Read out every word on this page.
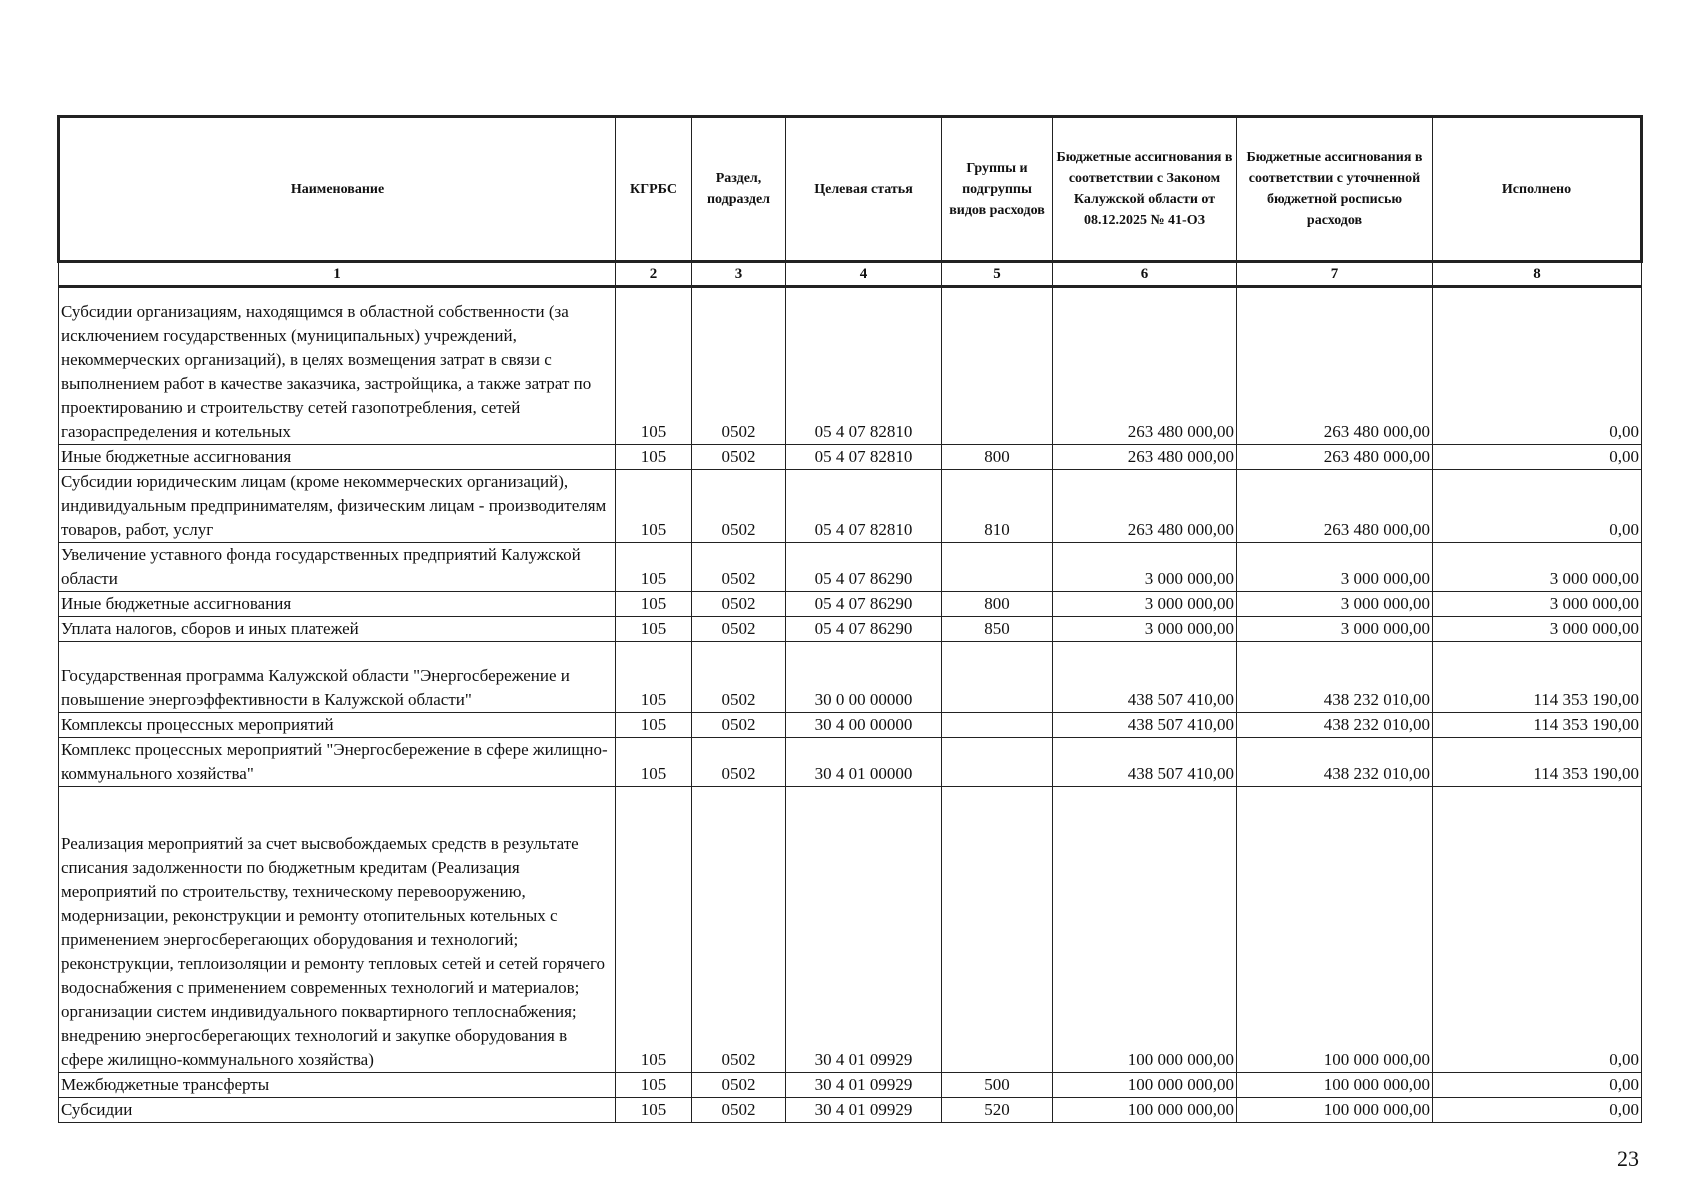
Наименование	КГРБС	Раздел, подраздел	Целевая статья	Группы и подгруппы видов расходов	Бюджетные ассигнования в соответствии с Законом Калужской области от 08.12.2025 № 41-ОЗ	Бюджетные ассигнования в соответствии с уточненной бюджетной росписью расходов	Исполнено
1	2	3	4	5	6	7	8
Субсидии организациям, находящимся в областной собственности (за исключением государственных (муниципальных) учреждений, некоммерческих организаций), в целях возмещения затрат в связи с выполнением работ в качестве заказчика, застройщика, а также затрат по проектированию и строительству сетей газопотребления, сетей газораспределения и котельных	105	0502	05 4 07 82810		263 480 000,00	263 480 000,00	0,00
Иные бюджетные ассигнования	105	0502	05 4 07 82810	800	263 480 000,00	263 480 000,00	0,00
Субсидии юридическим лицам (кроме некоммерческих организаций), индивидуальным предпринимателям, физическим лицам - производителям товаров, работ, услуг	105	0502	05 4 07 82810	810	263 480 000,00	263 480 000,00	0,00
Увеличение уставного фонда государственных предприятий Калужской области	105	0502	05 4 07 86290		3 000 000,00	3 000 000,00	3 000 000,00
Иные бюджетные ассигнования	105	0502	05 4 07 86290	800	3 000 000,00	3 000 000,00	3 000 000,00
Уплата налогов, сборов и иных платежей	105	0502	05 4 07 86290	850	3 000 000,00	3 000 000,00	3 000 000,00
Государственная программа Калужской области "Энергосбережение и повышение энергоэффективности в Калужской области"	105	0502	30 0 00 00000		438 507 410,00	438 232 010,00	114 353 190,00
Комплексы процессных мероприятий	105	0502	30 4 00 00000		438 507 410,00	438 232 010,00	114 353 190,00
Комплекс процессных мероприятий "Энергосбережение в сфере жилищно-коммунального хозяйства"	105	0502	30 4 01 00000		438 507 410,00	438 232 010,00	114 353 190,00
Реализация мероприятий за счет высвобождаемых средств в результате списания задолженности по бюджетным кредитам (Реализация мероприятий по строительству, техническому перевооружению, модернизации, реконструкции и ремонту отопительных котельных с применением энергосберегающих оборудования и технологий; реконструкции, теплоизоляции и ремонту тепловых сетей и сетей горячего водоснабжения с применением современных технологий и материалов; организации систем индивидуального поквартирного теплоснабжения; внедрению энергосберегающих технологий и закупке оборудования в сфере жилищно-коммунального хозяйства)	105	0502	30 4 01 09929		100 000 000,00	100 000 000,00	0,00
Межбюджетные трансферты	105	0502	30 4 01 09929	500	100 000 000,00	100 000 000,00	0,00
Субсидии	105	0502	30 4 01 09929	520	100 000 000,00	100 000 000,00	0,00
23
